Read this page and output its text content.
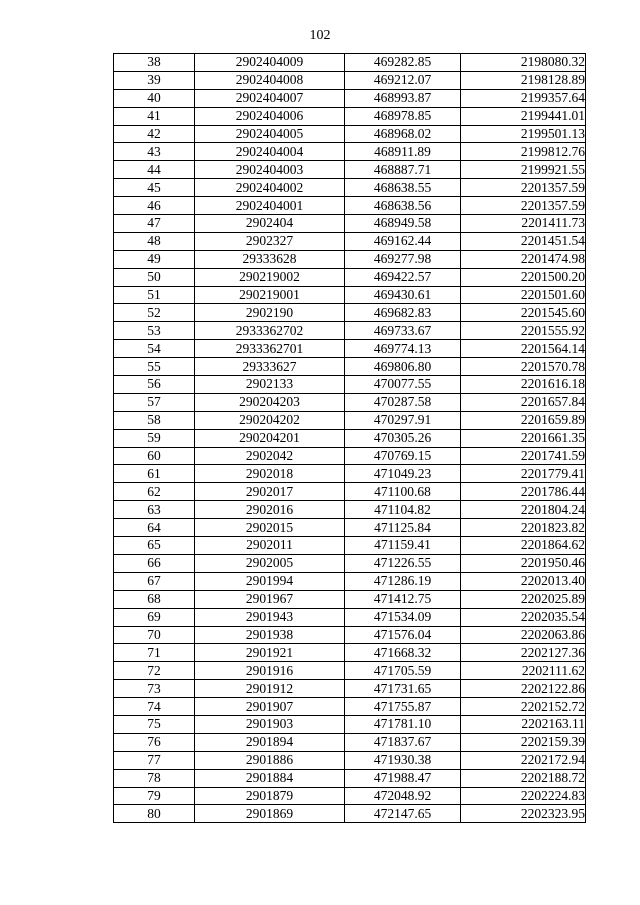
102
38	2902404009	469282.85	2198080.32
39	2902404008	469212.07	2198128.89
40	2902404007	468993.87	2199357.64
41	2902404006	468978.85	2199441.01
42	2902404005	468968.02	2199501.13
43	2902404004	468911.89	2199812.76
44	2902404003	468887.71	2199921.55
45	2902404002	468638.55	2201357.59
46	2902404001	468638.56	2201357.59
47	2902404	468949.58	2201411.73
48	2902327	469162.44	2201451.54
49	29333628	469277.98	2201474.98
50	290219002	469422.57	2201500.20
51	290219001	469430.61	2201501.60
52	2902190	469682.83	2201545.60
53	2933362702	469733.67	2201555.92
54	2933362701	469774.13	2201564.14
55	29333627	469806.80	2201570.78
56	2902133	470077.55	2201616.18
57	290204203	470287.58	2201657.84
58	290204202	470297.91	2201659.89
59	290204201	470305.26	2201661.35
60	2902042	470769.15	2201741.59
61	2902018	471049.23	2201779.41
62	2902017	471100.68	2201786.44
63	2902016	471104.82	2201804.24
64	2902015	471125.84	2201823.82
65	2902011	471159.41	2201864.62
66	2902005	471226.55	2201950.46
67	2901994	471286.19	2202013.40
68	2901967	471412.75	2202025.89
69	2901943	471534.09	2202035.54
70	2901938	471576.04	2202063.86
71	2901921	471668.32	2202127.36
72	2901916	471705.59	2202111.62
73	2901912	471731.65	2202122.86
74	2901907	471755.87	2202152.72
75	2901903	471781.10	2202163.11
76	2901894	471837.67	2202159.39
77	2901886	471930.38	2202172.94
78	2901884	471988.47	2202188.72
79	2901879	472048.92	2202224.83
80	2901869	472147.65	2202323.95
